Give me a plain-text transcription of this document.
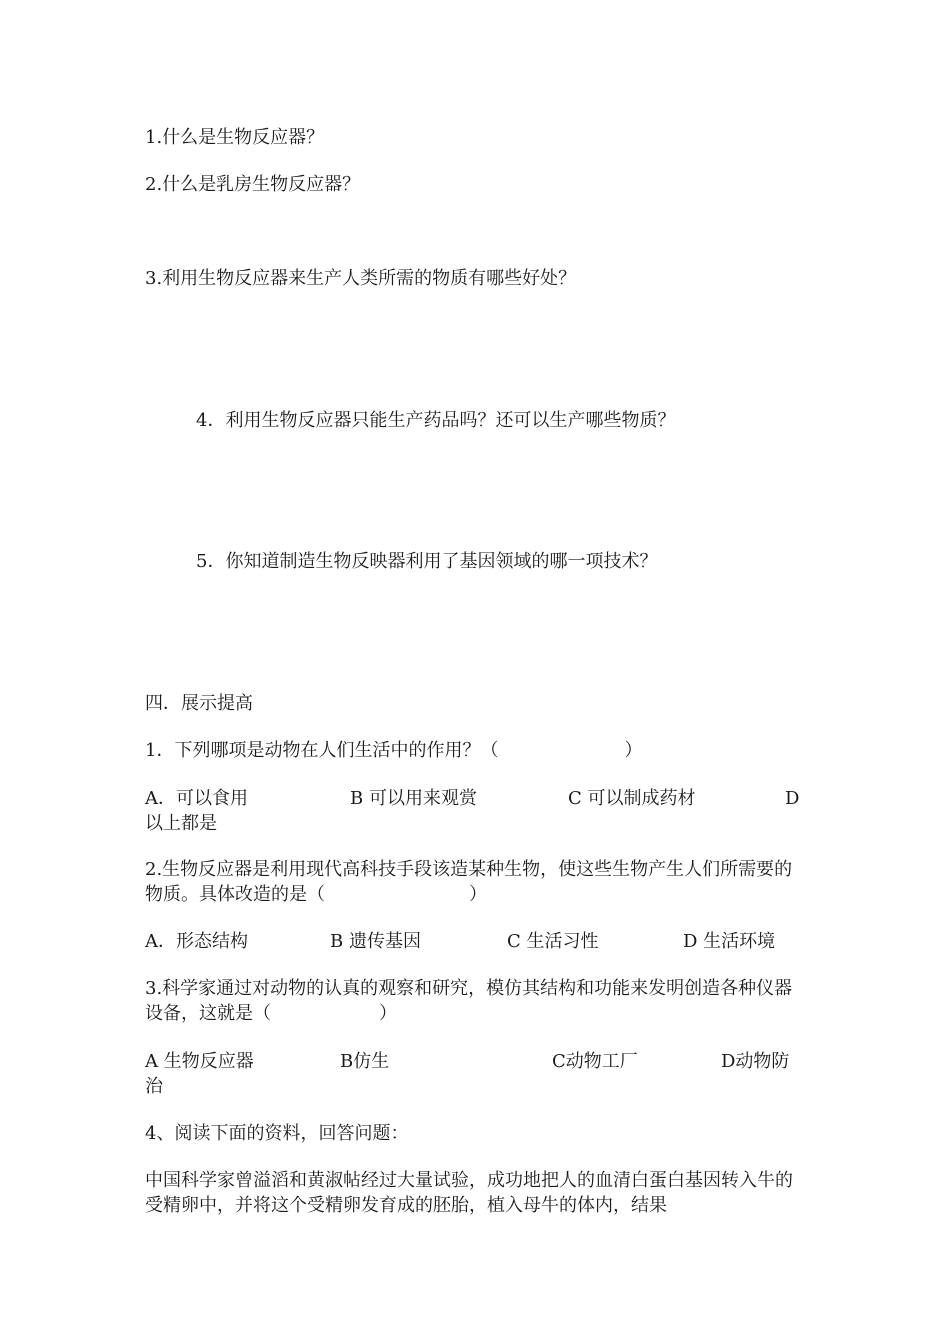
1.什么是生物反应器？
2.什么是乳房生物反应器？
3.利用生物反应器来生产人类所需的物质有哪些好处？
4．利用生物反应器只能生产药品吗？还可以生产哪些物质？
5．你知道制造生物反映器利用了基因领域的哪一项技术？
四．展示提高
1．下列哪项是动物在人们生活中的作用？（　　　　　　　）
A．可以食用	B 可以用来观赏	C 可以制成药材	D
以上都是
2.生物反应器是利用现代高科技手段该造某种生物，使这些生物产生人们所需要的物质。具体改造的是（　　　　　　　　）
A．形态结构	B 遗传基因	C 生活习性	D 生活环境
3.科学家通过对动物的认真的观察和研究，模仿其结构和功能来发明创造各种仪器设备，这就是（　　　　　　）
A 生物反应器	B仿生	C动物工厂	D动物防
治
4、阅读下面的资料，回答问题：
中国科学家曾溢滔和黄淑帖经过大量试验，成功地把人的血清白蛋白基因转入牛的受精卵中，并将这个受精卵发育成的胚胎，植入母牛的体内，结果
